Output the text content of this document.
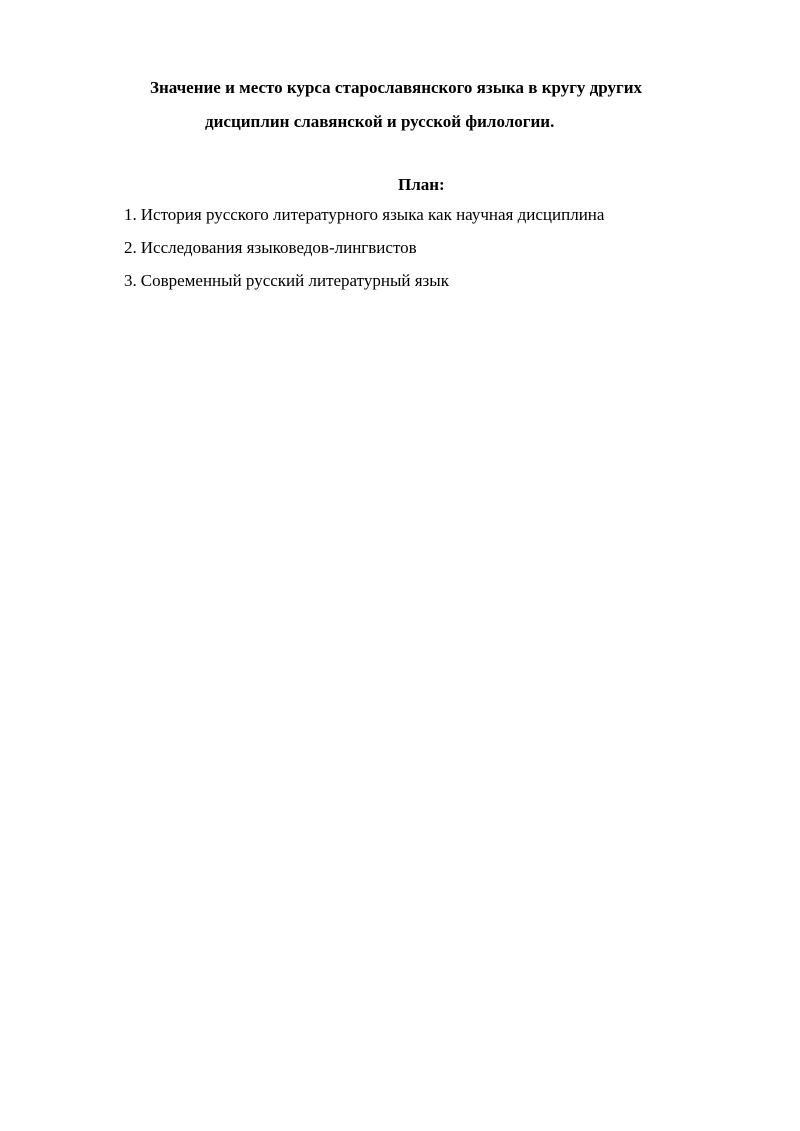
Значение и место курса старославянского языка в кругу других
дисциплин славянской и русской филологии.
План:
1. История русского литературного языка как научная дисциплина
2. Исследования языковедов-лингвистов
3. Современный русский литературный язык
